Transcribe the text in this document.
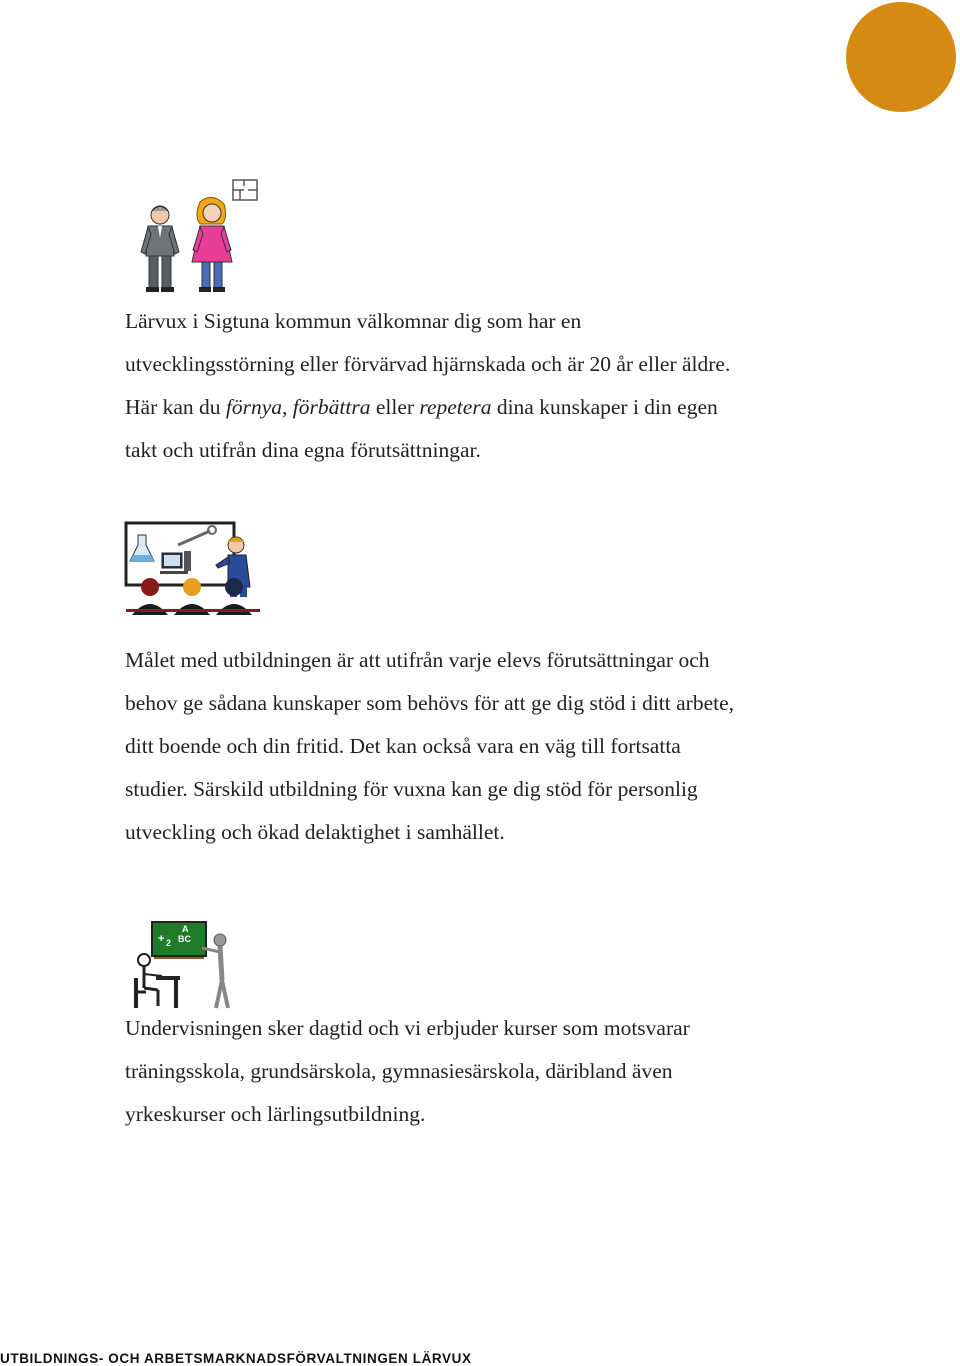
Lärvux i Sigtuna kommun välkomnar dig som har en
utvecklingsstörning eller förvärvad hjärnskada och är 20 år eller äldre.
Här kan du förnya, förbättra eller repetera dina kunskaper i din egen
takt och utifrån dina egna förutsättningar.

Målet med utbildningen är att utifrån varje elevs förutsättningar och
behov ge sådana kunskaper som behövs för att ge dig stöd i ditt arbete,
ditt boende och din fritid. Det kan också vara en väg till fortsatta
studier. Särskild utbildning för vuxna kan ge dig stöd för personlig
utveckling och ökad delaktighet i samhället.

A
+ 2 BC

Undervisningen sker dagtid och vi erbjuder kurser som motsvarar
träningsskola, grundsärskola, gymnasiesärskola, däribland även
yrkeskurser och lärlingsutbildning.

UTBILDNINGS- OCH ARBETSMARKNADSFÖRVALTNINGEN LÄRVUX
